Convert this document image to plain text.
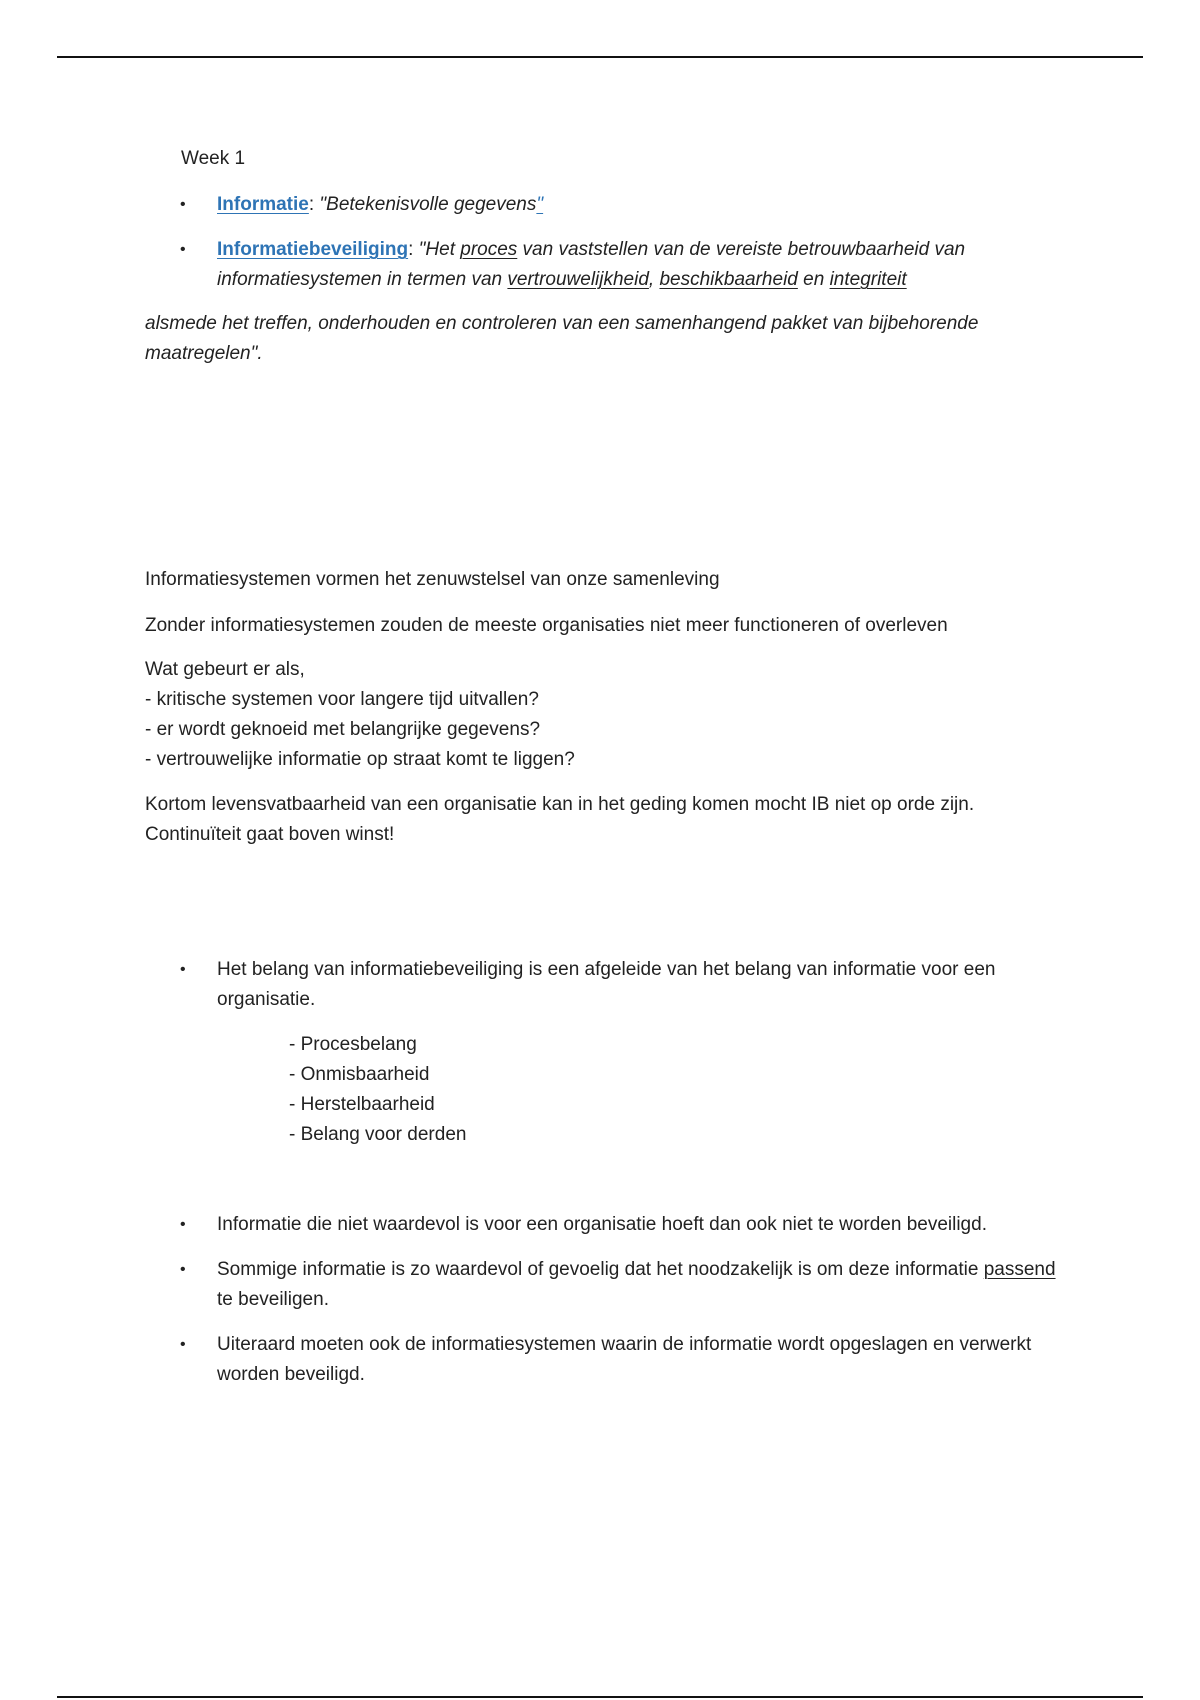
Week 1

•	Informatie: "Betekenisvolle gegevens"
•	Informatiebeveiliging: "Het proces van vaststellen van de vereiste betrouwbaarheid van informatiesystemen in termen van vertrouwelijkheid, beschikbaarheid en integriteit

alsmede het treffen, onderhouden en controleren van een samenhangend pakket van bijbehorende
maatregelen".

Informatiesystemen vormen het zenuwstelsel van onze samenleving

Zonder informatiesystemen zouden de meeste organisaties niet meer functioneren of overleven

Wat gebeurt er als,
- kritische systemen voor langere tijd uitvallen?
- er wordt geknoeid met belangrijke gegevens?
- vertrouwelijke informatie op straat komt te liggen?
Kortom levensvatbaarheid van een organisatie kan in het geding komen mocht IB niet op orde zijn.
Continuïteit gaat boven winst!
•	Het belang van informatiebeveiliging is een afgeleide van het belang van informatie voor een organisatie.
- Procesbelang
- Onmisbaarheid
- Herstelbaarheid
- Belang voor derden
•	Informatie die niet waardevol is voor een organisatie hoeft dan ook niet te worden beveiligd.
•	Sommige informatie is zo waardevol of gevoelig dat het noodzakelijk is om deze informatie passend te beveiligen.
•	Uiteraard moeten ook de informatiesystemen waarin de informatie wordt opgeslagen en verwerkt worden beveiligd.
